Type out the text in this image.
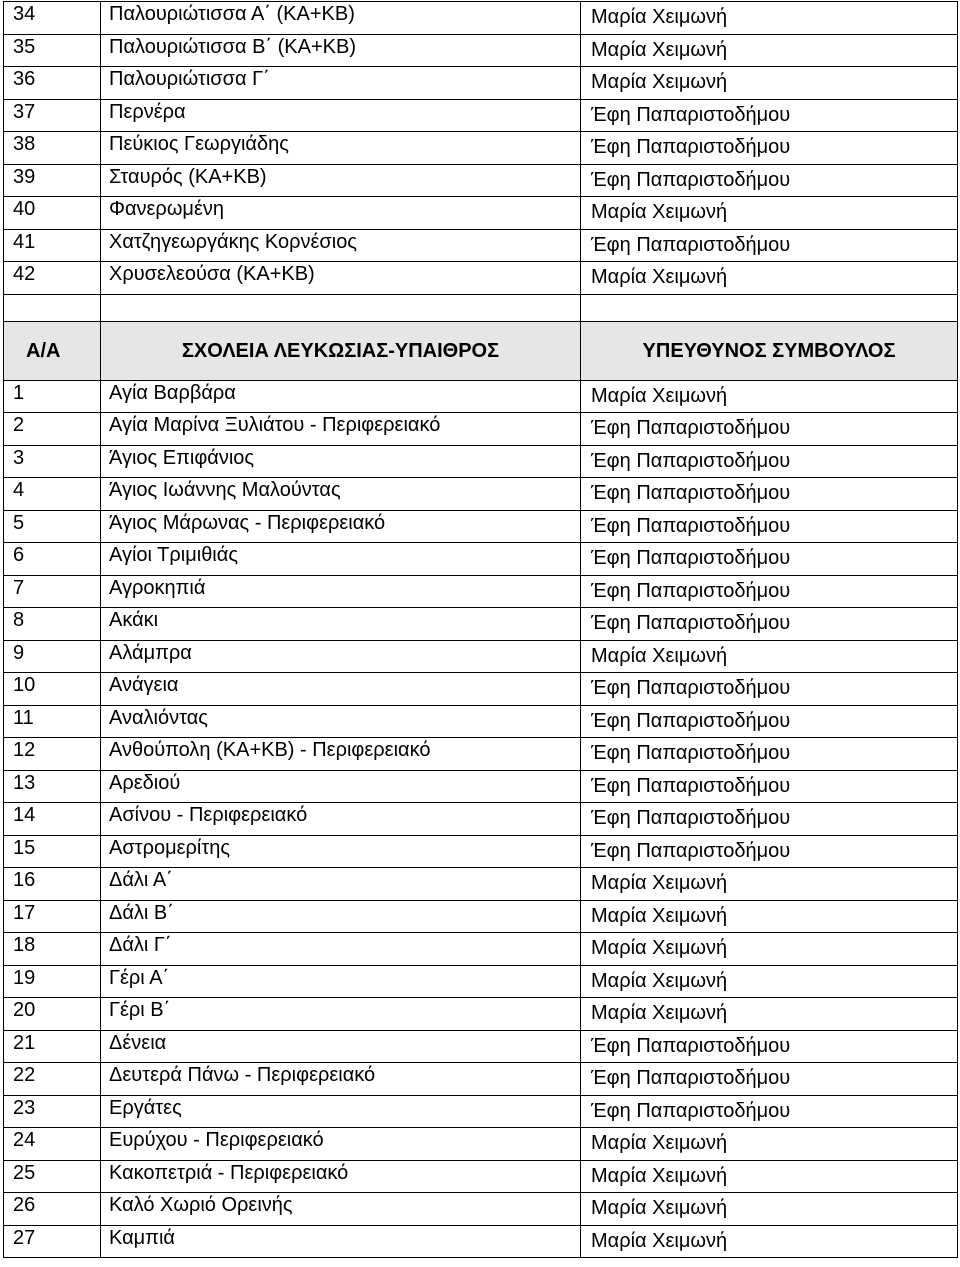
34	Παλουριώτισσα Α΄ (ΚΑ+ΚΒ)	Μαρία Χειμωνή

35	Παλουριώτισσα Β΄ (ΚΑ+ΚΒ)	Μαρία Χειμωνή

36	Παλουριώτισσα Γ΄	Μαρία Χειμωνή

37	Περνέρα	Έφη Παπαριστοδήμου

38	Πεύκιος Γεωργιάδης	Έφη Παπαριστοδήμου

39	Σταυρός (ΚΑ+ΚΒ)	Έφη Παπαριστοδήμου

40	Φανερωμένη	Μαρία Χειμωνή

41	Χατζηγεωργάκης Κορνέσιος	Έφη Παπαριστοδήμου

42	Χρυσελεούσα (ΚΑ+ΚΒ)	Μαρία Χειμωνή

Α/Α	ΣΧΟΛΕΙΑ ΛΕΥΚΩΣΙΑΣ-ΥΠΑΙΘΡΟΣ	ΥΠΕΥΘΥΝΟΣ ΣΥΜΒΟΥΛΟΣ

1	Αγία Βαρβάρα	Μαρία Χειμωνή

2	Αγία Μαρίνα Ξυλιάτου - Περιφερειακό	Έφη Παπαριστοδήμου

3	Άγιος Επιφάνιος	Έφη Παπαριστοδήμου

4	Άγιος Ιωάννης Μαλούντας	Έφη Παπαριστοδήμου

5	Άγιος Μάρωνας - Περιφερειακό	Έφη Παπαριστοδήμου

6	Αγίοι Τριμιθιάς	Έφη Παπαριστοδήμου

7	Αγροκηπιά	Έφη Παπαριστοδήμου

8	Ακάκι	Έφη Παπαριστοδήμου

9	Αλάμπρα	Μαρία Χειμωνή

10	Ανάγεια	Έφη Παπαριστοδήμου

11	Αναλιόντας	Έφη Παπαριστοδήμου

12	Ανθούπολη (ΚΑ+ΚΒ) - Περιφερειακό	Έφη Παπαριστοδήμου

13	Αρεδιού	Έφη Παπαριστοδήμου

14	Ασίνου - Περιφερειακό	Έφη Παπαριστοδήμου

15	Αστρομερίτης	Έφη Παπαριστοδήμου

16	Δάλι Α΄	Μαρία Χειμωνή

17	Δάλι Β΄	Μαρία Χειμωνή

18	Δάλι Γ΄	Μαρία Χειμωνή

19	Γέρι Α΄	Μαρία Χειμωνή

20	Γέρι Β΄	Μαρία Χειμωνή

21	Δένεια	Έφη Παπαριστοδήμου

22	Δευτερά Πάνω - Περιφερειακό	Έφη Παπαριστοδήμου

23	Εργάτες	Έφη Παπαριστοδήμου

24	Ευρύχου - Περιφερειακό	Μαρία Χειμωνή

25	Κακοπετριά - Περιφερειακό	Μαρία Χειμωνή

26	Καλό Χωριό Ορεινής	Μαρία Χειμωνή

27	Καμπιά	Μαρία Χειμωνή
